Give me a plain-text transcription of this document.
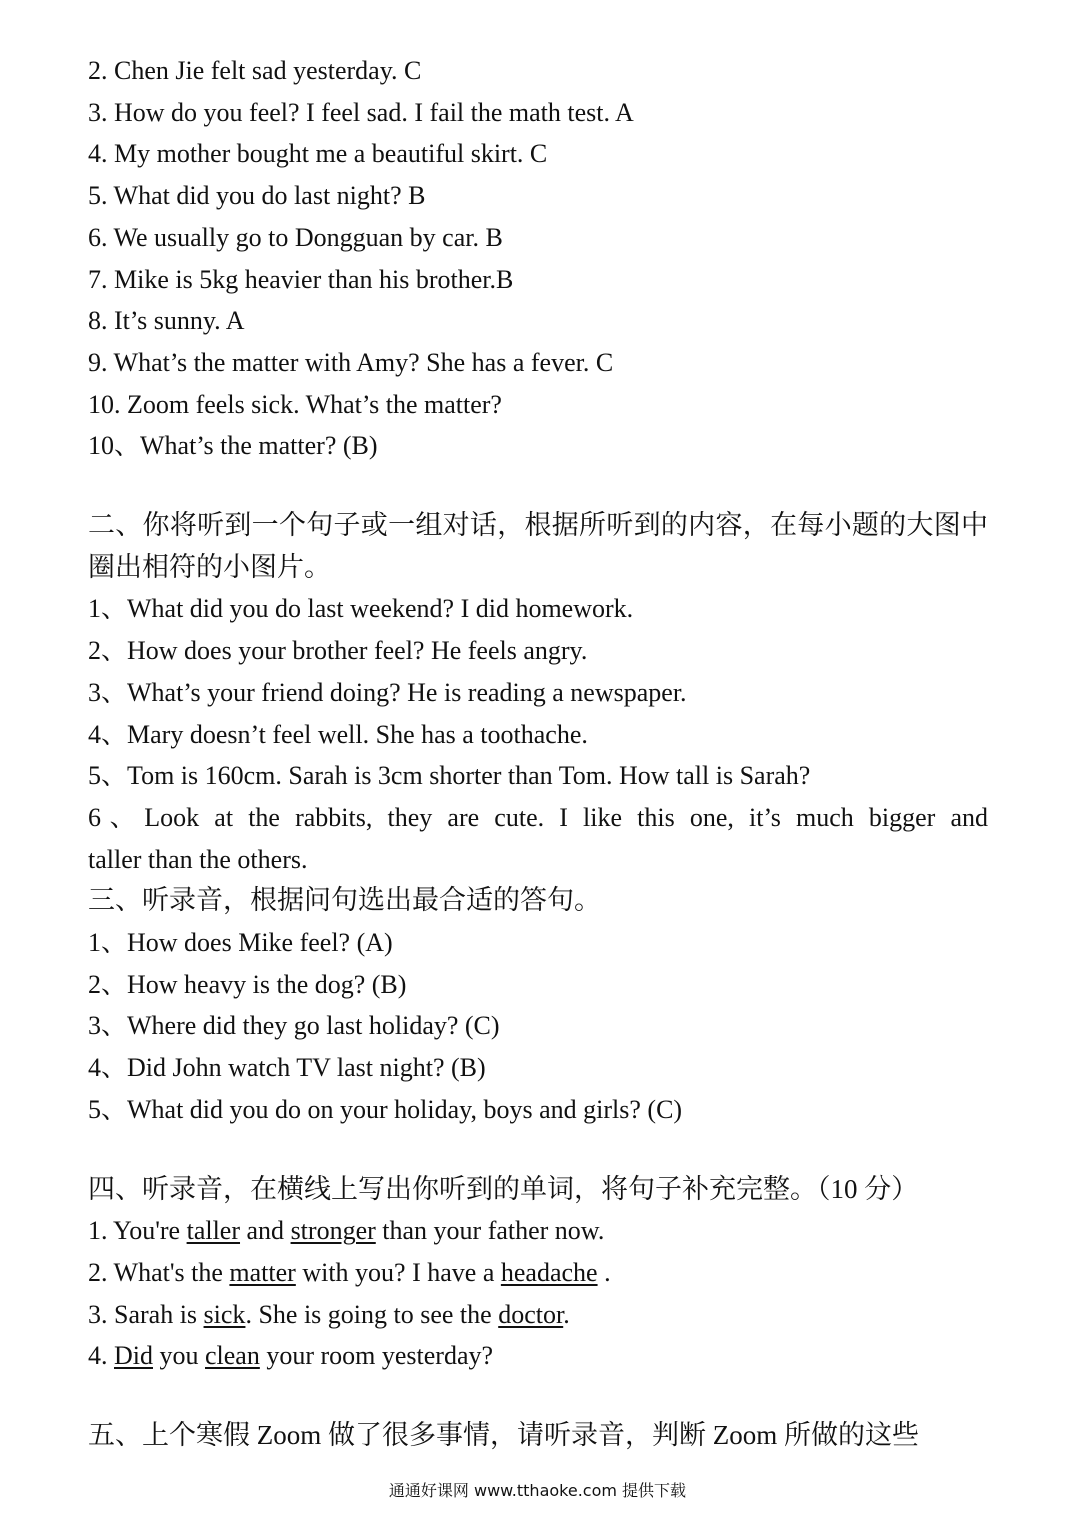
2. Chen Jie felt sad yesterday. C

3. How do you feel? I feel sad. I fail the math test. A

4. My mother bought me a beautiful skirt. C

5. What did you do last night? B

6. We usually go to Dongguan by car. B

7. Mike is 5kg heavier than his brother.B

8. It’s sunny. A

9. What’s the matter with Amy? She has a fever. C

10. Zoom feels sick. What’s the matter?

10、What’s the matter? (B)

二、你将听到一个句子或一组对话，根据所听到的内容，在每小题的大图中圈出相符的小图片。

1、What did you do last weekend? I did homework.

2、How does your brother feel? He feels angry.

3、What’s your friend doing? He is reading a newspaper.

4、Mary doesn’t feel well. She has a toothache.

5、Tom is 160cm. Sarah is 3cm shorter than Tom. How tall is Sarah?

6、Look at the rabbits, they are cute. I like this one, it’s much bigger and

taller than the others.

三、听录音，根据问句选出最合适的答句。

1、How does Mike feel? (A)

2、How heavy is the dog? (B)

3、Where did they go last holiday? (C)

4、Did John watch TV last night? (B)

5、What did you do on your holiday, boys and girls? (C)

四、听录音，在横线上写出你听到的单词，将句子补充完整。（10 分）

1. You're taller and stronger than your father now.

2. What's the matter with you? I have a headache .

3. Sarah is sick. She is going to see the doctor.

4. Did you clean your room yesterday?

五、上个寒假 Zoom 做了很多事情，请听录音，判断 Zoom 所做的这些

通通好课网 www.tthaoke.com 提供下载
